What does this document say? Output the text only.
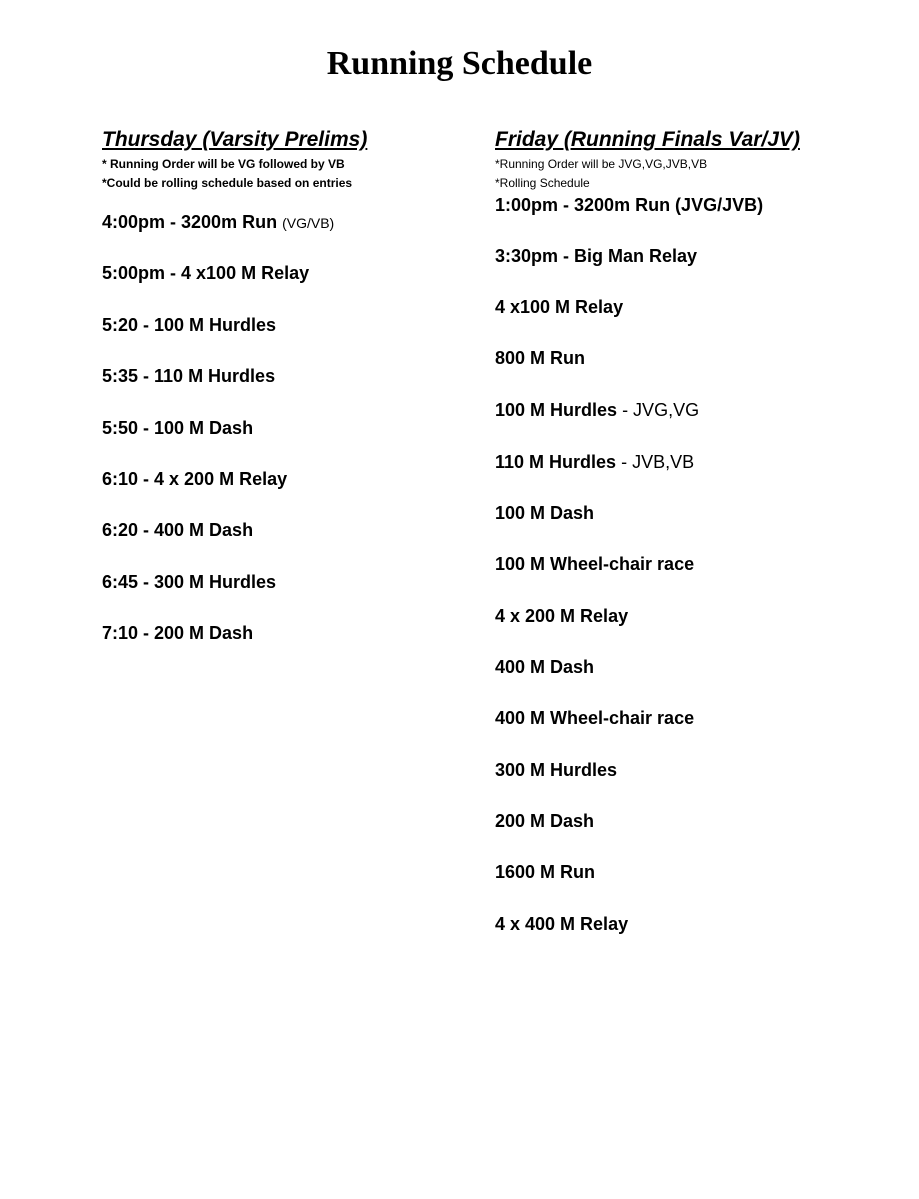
Running Schedule
Thursday (Varsity Prelims)
* Running Order will be VG followed by VB
*Could be rolling schedule based on entries
4:00pm - 3200m Run (VG/VB)
5:00pm - 4 x100 M Relay
5:20 - 100 M Hurdles
5:35 - 110 M Hurdles
5:50 - 100 M Dash
6:10 - 4 x 200 M Relay
6:20 - 400 M Dash
6:45 - 300 M Hurdles
7:10 - 200 M Dash
Friday (Running Finals Var/JV)
*Running Order will be JVG,VG,JVB,VB
*Rolling Schedule
1:00pm - 3200m Run (JVG/JVB)
3:30pm - Big Man Relay
4 x100 M Relay
800 M Run
100 M Hurdles - JVG,VG
110 M Hurdles - JVB,VB
100 M Dash
100 M Wheel-chair race
4 x 200 M Relay
400 M Dash
400 M Wheel-chair race
300 M Hurdles
200 M Dash
1600 M Run
4 x 400 M Relay
